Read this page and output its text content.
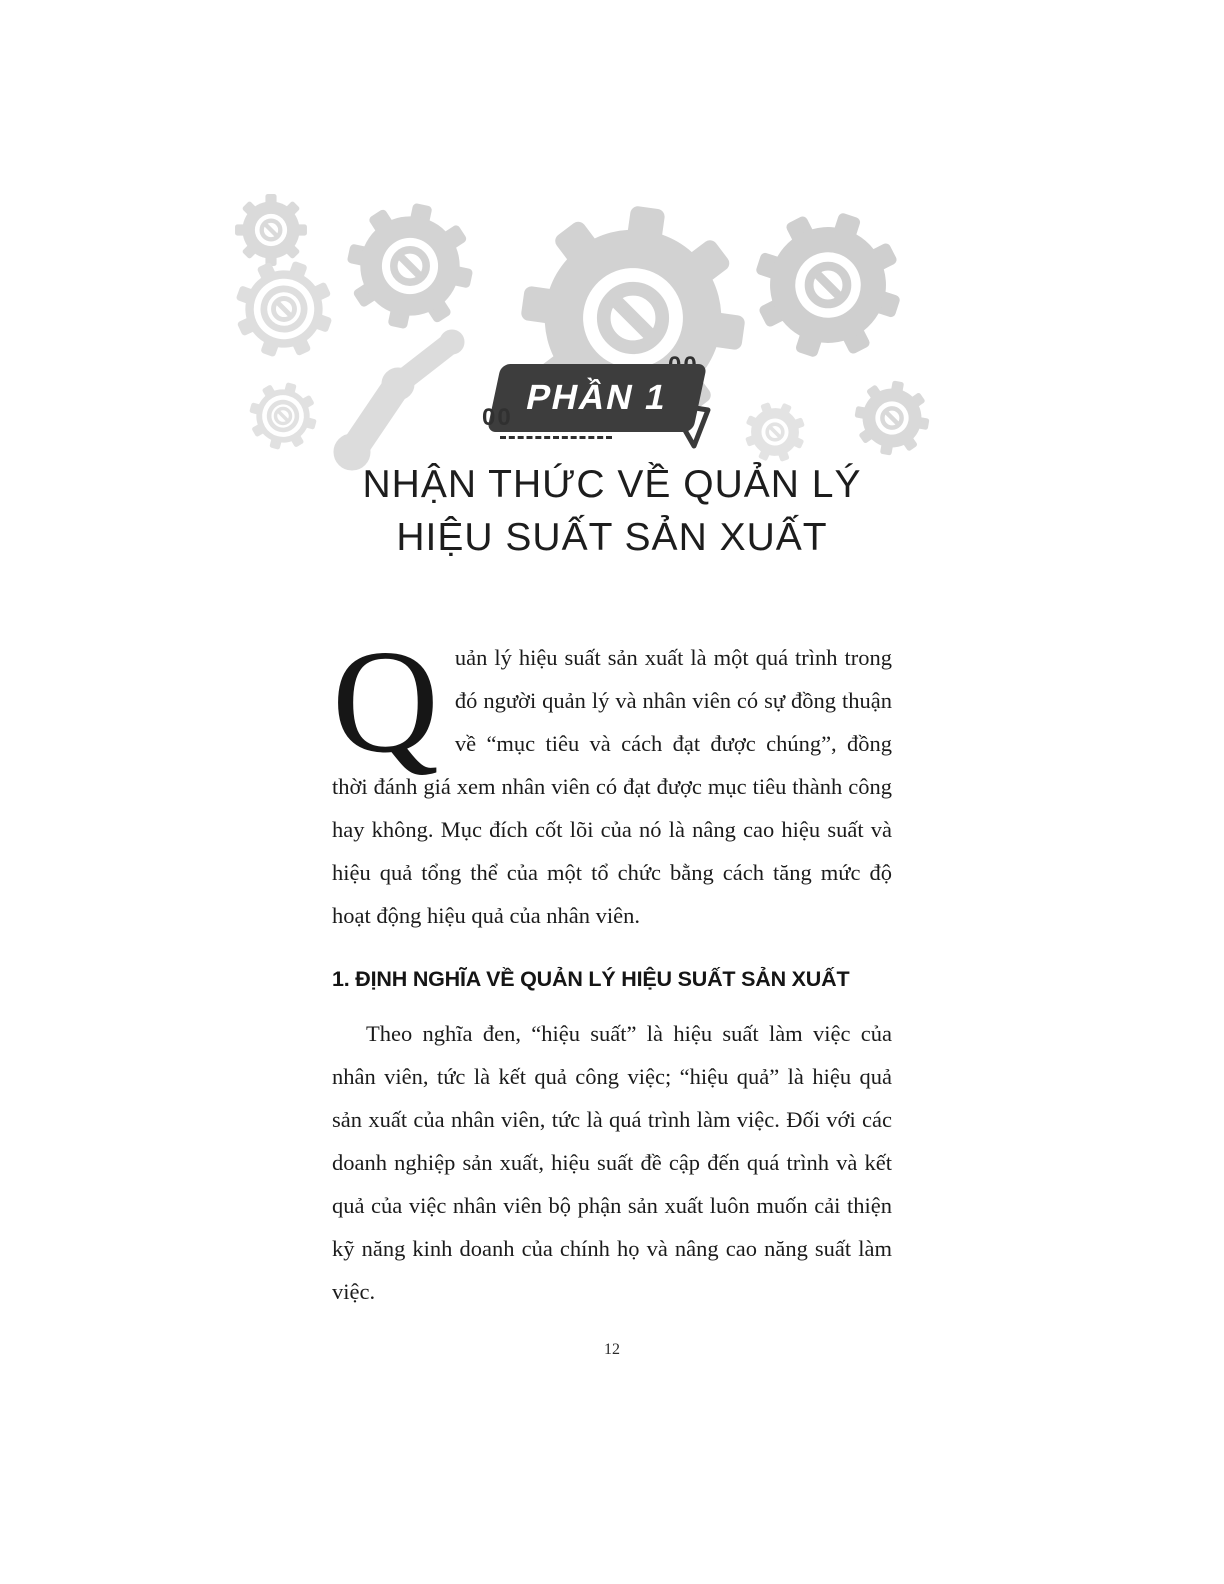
PHẦN 1
00
NHẬN THỨC VỀ QUẢN LÝ
HIỆU SUẤT SẢN XUẤT

Quản lý hiệu suất sản xuất là một quá trình trong đó người quản lý và nhân viên có sự đồng thuận về “mục tiêu và cách đạt được chúng”, đồng thời đánh giá xem nhân viên có đạt được mục tiêu thành công hay không. Mục đích cốt lõi của nó là nâng cao hiệu suất và hiệu quả tổng thể của một tổ chức bằng cách tăng mức độ hoạt động hiệu quả của nhân viên.

1. ĐỊNH NGHĨA VỀ QUẢN LÝ HIỆU SUẤT SẢN XUẤT

Theo nghĩa đen, “hiệu suất” là hiệu suất làm việc của nhân viên, tức là kết quả công việc; “hiệu quả” là hiệu quả sản xuất của nhân viên, tức là quá trình làm việc. Đối với các doanh nghiệp sản xuất, hiệu suất đề cập đến quá trình và kết quả của việc nhân viên bộ phận sản xuất luôn muốn cải thiện kỹ năng kinh doanh của chính họ và nâng cao năng suất làm việc.

12
